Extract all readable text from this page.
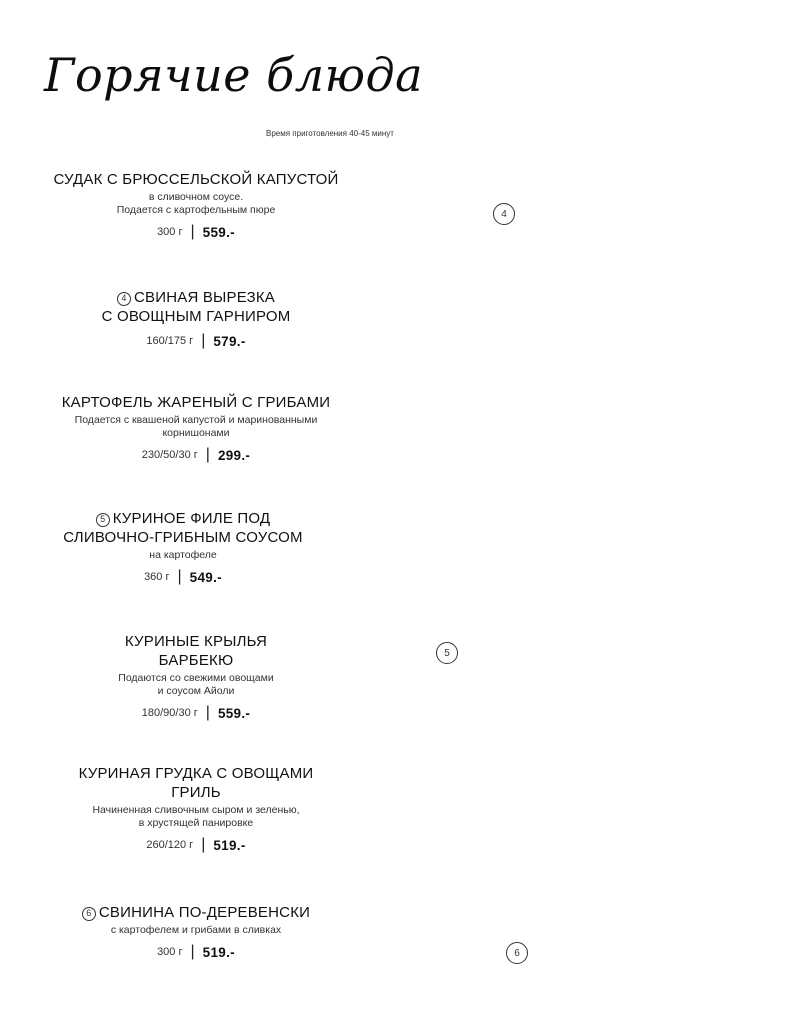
Горячие блюда
Время приготовления 40-45 минут
СУДАК С БРЮССЕЛЬСКОЙ КАПУСТОЙ
в сливочном соусе.
Подается с картофельным пюре
300 г | 559.-
4
4 СВИНАЯ ВЫРЕЗКА
С ОВОЩНЫМ ГАРНИРОМ
160/175 г | 579.-
КАРТОФЕЛЬ ЖАРЕНЫЙ С ГРИБАМИ
Подается с квашеной капустой и маринованными
корнишонами
230/50/30 г | 299.-
5 КУРИНОЕ ФИЛЕ ПОД
СЛИВОЧНО-ГРИБНЫМ СОУСОМ
на картофеле
360 г | 549.-
КУРИНЫЕ КРЫЛЬЯ
БАРБЕКЮ
Подаются со свежими овощами
и соусом Айоли
180/90/30 г | 559.-
5
КУРИНАЯ ГРУДКА С ОВОЩАМИ
ГРИЛЬ
Начиненная сливочным сыром и зеленью,
в хрустящей панировке
260/120 г | 519.-
6 СВИНИНА ПО-ДЕРЕВЕНСКИ
с картофелем и грибами в сливках
300 г | 519.-	6
